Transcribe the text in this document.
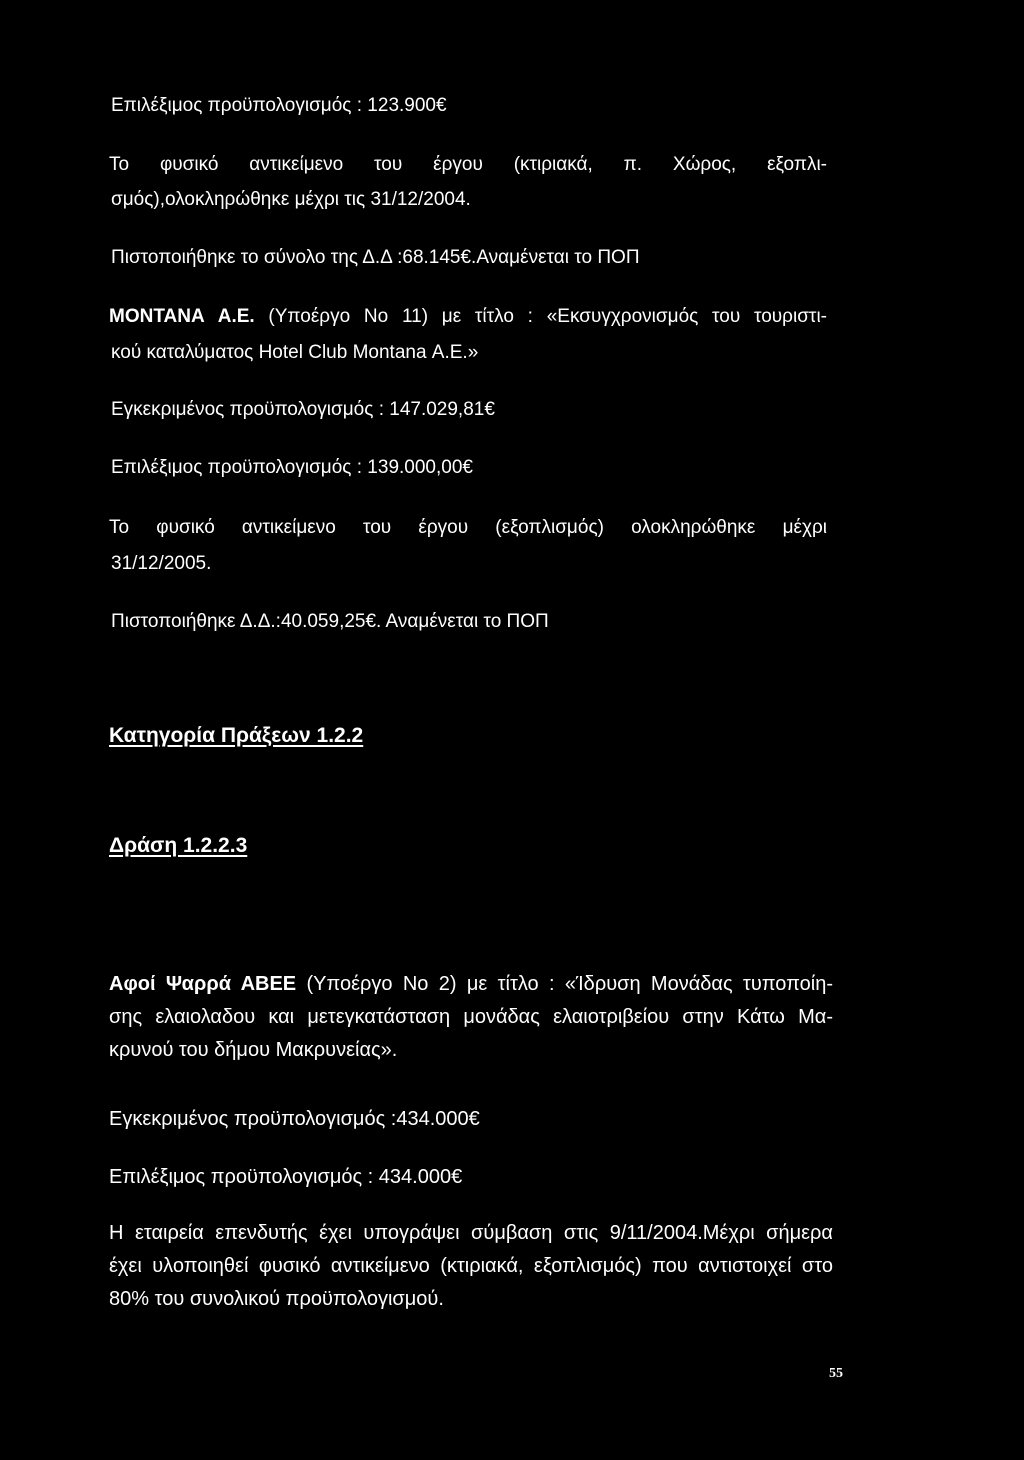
Επιλέξιμος προϋπολογισμός : 123.900€
Το φυσικό αντικείμενο του έργου (κτιριακά, π. Χώρος, εξοπλι-
σμός),ολοκληρώθηκε μέχρι τις 31/12/2004.
Πιστοποιήθηκε το σύνολο της Δ.Δ :68.145€.Αναμένεται το ΠΟΠ
ΜΟΝΤΑΝΑ Α.Ε. (Υποέργο Νο 11) με τίτλο : «Εκσυγχρονισμός του τουριστι-
κού καταλύματος Hotel Club Montana Α.Ε.»
Εγκεκριμένος προϋπολογισμός : 147.029,81€
Επιλέξιμος προϋπολογισμός : 139.000,00€
Το φυσικό αντικείμενο του έργου (εξοπλισμός) ολοκληρώθηκε μέχρι
31/12/2005.
Πιστοποιήθηκε Δ.Δ.:40.059,25€. Αναμένεται το ΠΟΠ
Κατηγορία Πράξεων 1.2.2
Δράση 1.2.2.3
Αφοί Ψαρρά ΑΒΕΕ (Υποέργο Νο 2) με τίτλο : «Ίδρυση Μονάδας τυποποίη-
σης ελαιολαδου και μετεγκατάσταση μονάδας ελαιοτριβείου στην Κάτω Μα-
κρυνού του δήμου Μακρυνείας».
Εγκεκριμένος προϋπολογισμός :434.000€
Επιλέξιμος προϋπολογισμός : 434.000€
Η εταιρεία επενδυτής έχει υπογράψει σύμβαση στις 9/11/2004.Μέχρι σήμερα
έχει υλοποιηθεί φυσικό αντικείμενο (κτιριακά, εξοπλισμός) που αντιστοιχεί στο
80% του συνολικού προϋπολογισμού.
55
